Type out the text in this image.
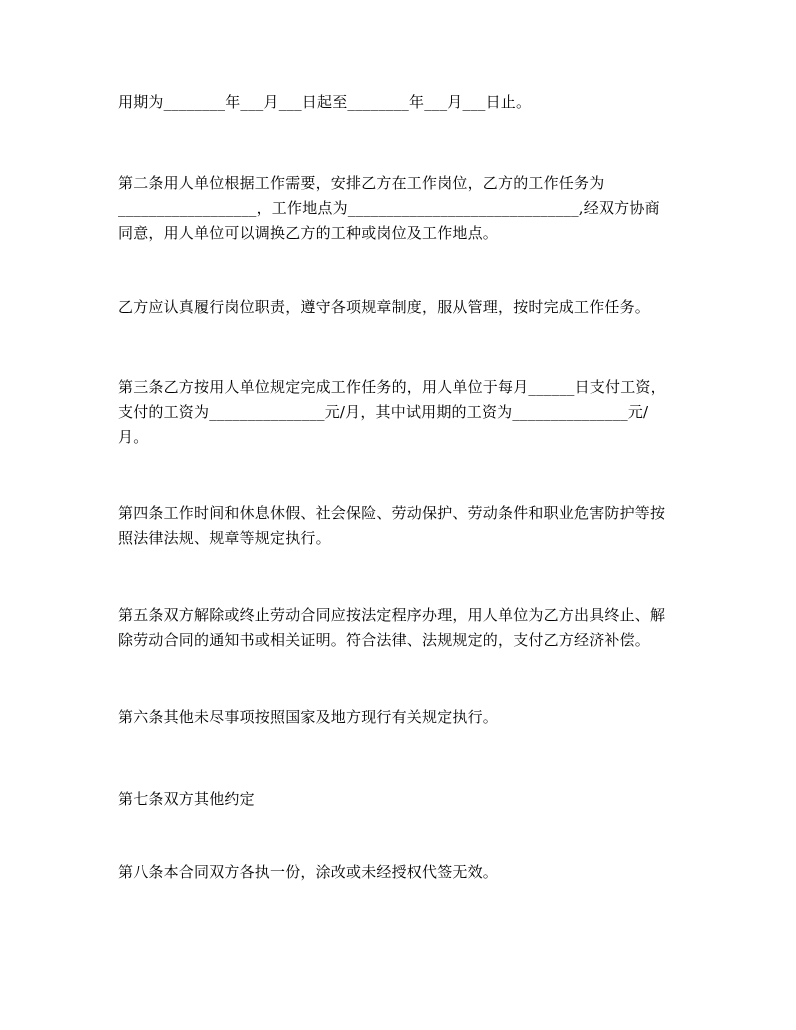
用期为________年___月___日起至________年___月___日止。

第二条用人单位根据工作需要，安排乙方在工作岗位，乙方的工作任务为
__________________，工作地点为______________________________,经双方协商
同意，用人单位可以调换乙方的工种或岗位及工作地点。

乙方应认真履行岗位职责，遵守各项规章制度，服从管理，按时完成工作任务。

第三条乙方按用人单位规定完成工作任务的，用人单位于每月______日支付工资，
支付的工资为_______________元/月，其中试用期的工资为_______________元/
月。

第四条工作时间和休息休假、社会保险、劳动保护、劳动条件和职业危害防护等按
照法律法规、规章等规定执行。

第五条双方解除或终止劳动合同应按法定程序办理，用人单位为乙方出具终止、解
除劳动合同的通知书或相关证明。符合法律、法规规定的，支付乙方经济补偿。

第六条其他未尽事项按照国家及地方现行有关规定执行。

第七条双方其他约定

第八条本合同双方各执一份，涂改或未经授权代签无效。
